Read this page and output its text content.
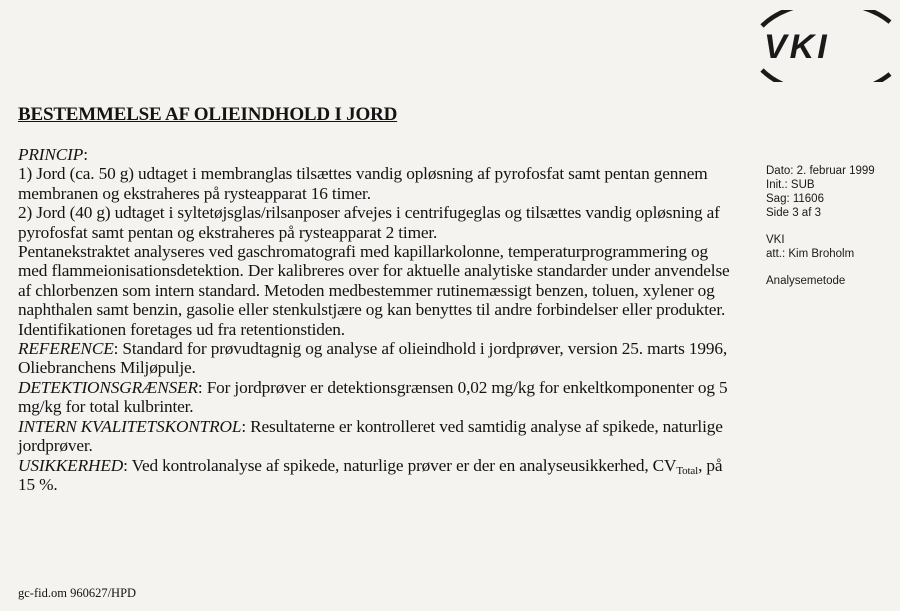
VKI
BESTEMMELSE AF OLIEINDHOLD I JORD

PRINCIP:

1) Jord (ca. 50 g) udtaget i membranglas tilsættes vandig opløsning af pyrofosfat samt pentan gennem membranen og ekstraheres på rysteapparat 16 timer.

2) Jord (40 g) udtaget i syltetøjsglas/rilsanposer afvejes i centrifugeglas og tilsættes vandig opløsning af pyrofosfat samt pentan og ekstraheres på rysteapparat 2 timer.

Pentanekstraktet analyseres ved gaschromatografi med kapillarkolonne, temperaturprogrammering og med flammeionisationsdetektion. Der kalibreres over for aktuelle analytiske standarder under anvendelse af chlorbenzen som intern standard. Metoden medbestemmer rutinemæssigt benzen, toluen, xylener og naphthalen samt benzin, gasolie eller stenkulstjære og kan benyttes til andre forbindelser eller produkter. Identifikationen foretages ud fra retentionstiden.

REFERENCE: Standard for prøvudtagnig og analyse af olieindhold i jordprøver, version 25. marts 1996, Oliebranchens Miljøpulje.

DETEKTIONSGRÆNSER: For jordprøver er detektionsgrænsen 0,02 mg/kg for enkeltkomponenter og 5 mg/kg for total kulbrinter.

INTERN KVALITETSKONTROL: Resultaterne er kontrolleret ved samtidig analyse af spikede, naturlige jordprøver.

USIKKERHED: Ved kontrolanalyse af spikede, naturlige prøver er der en analyseusikkerhed, $CV_{Total}$, på 15 %.

Dato: 2. februar 1999
Init.: SUB
Sag: 11606
Side 3 af 3
VKI
att.: Kim Broholm
Analysemetode
gc-fid.om 960627/HPD
